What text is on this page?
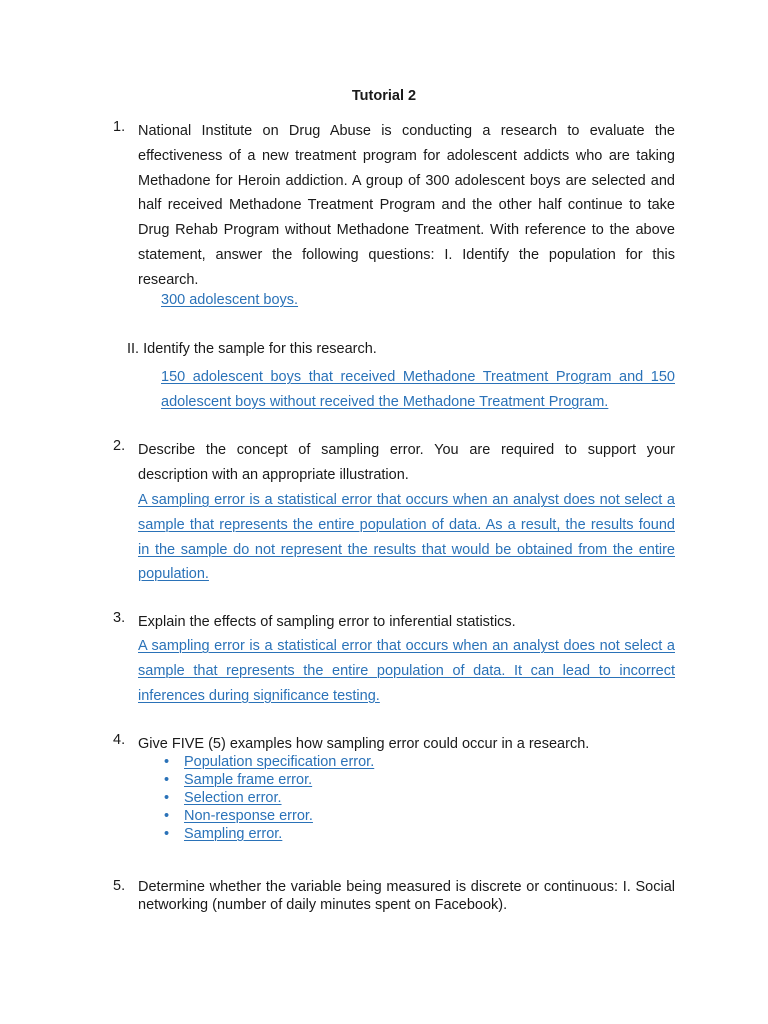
Tutorial 2
1. National Institute on Drug Abuse is conducting a research to evaluate the effectiveness of a new treatment program for adolescent addicts who are taking Methadone for Heroin addiction. A group of 300 adolescent boys are selected and half received Methadone Treatment Program and the other half continue to take Drug Rehab Program without Methadone Treatment. With reference to the above statement, answer the following questions: I. Identify the population for this research.
300 adolescent boys.
II. Identify the sample for this research.
150 adolescent boys that received Methadone Treatment Program and 150 adolescent boys without received the Methadone Treatment Program.
2. Describe the concept of sampling error. You are required to support your description with an appropriate illustration.
A sampling error is a statistical error that occurs when an analyst does not select a sample that represents the entire population of data. As a result, the results found in the sample do not represent the results that would be obtained from the entire population.
3. Explain the effects of sampling error to inferential statistics.
A sampling error is a statistical error that occurs when an analyst does not select a sample that represents the entire population of data. It can lead to incorrect inferences during significance testing.
4. Give FIVE (5) examples how sampling error could occur in a research.
• Population specification error.
• Sample frame error.
• Selection error.
• Non-response error.
• Sampling error.
5. Determine whether the variable being measured is discrete or continuous: I. Social networking (number of daily minutes spent on Facebook).
